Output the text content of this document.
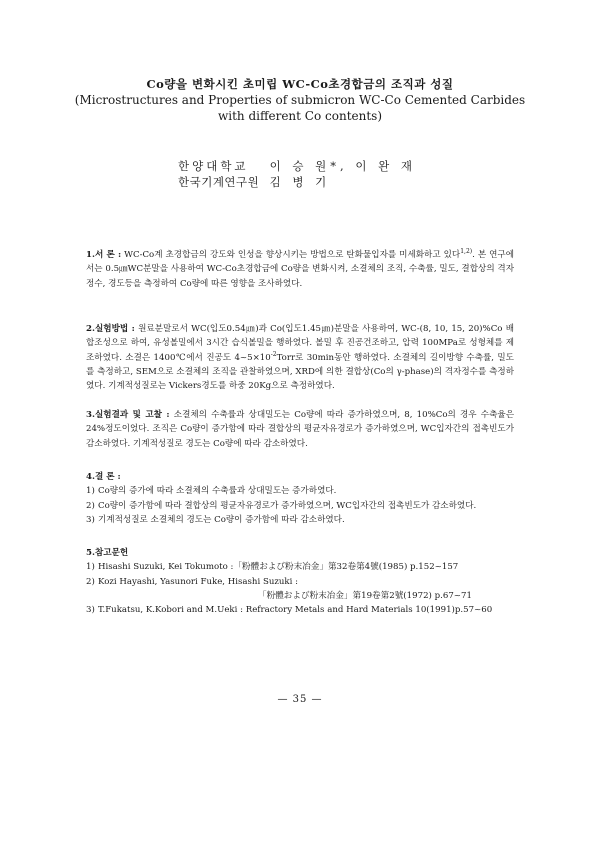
Co량을 변화시킨 초미립 WC-Co초경합금의 조직과 성질
(Microstructures and Properties of submicron WC-Co Cemented Carbides
with different Co contents)
한양대학교 이 승 원*, 이 완 재
한국기계연구원 김 병 기

1.서 론 : WC-Co계 초경합금의 강도와 인성을 향상시키는 방법으로 탄화물입자를 미세화하고 있다$^{1,2)}$. 본 연구에서는 0.5㎛WC분말을 사용하여 WC-Co초경합금에 Co량을 변화시켜, 소결체의 조직, 수축률, 밀도, 결합상의 격자정수, 경도등을 측정하여 Co량에 따른 영향을 조사하였다.

2.실험방법 : 원료분말로서 WC(입도0.54㎛)과 Co(입도1.45㎛)분말을 사용하여, WC-(8, 10, 15, 20)%Co 배합조성으로 하여, 유성볼밀에서 3시간 습식볼밀을 행하였다. 볼밀 후 진공건조하고, 압력 100MPa로 성형체를 제조하였다. 소결은 1400℃에서 진공도 $4\sim 5\times 10^{-2}Torr$로 30min동안 행하였다. 소결체의 길이방향 수축률, 밀도를 측정하고, SEM으로 소결체의 조직을 관찰하였으며, XRD에 의한 결합상(Co의 γ-phase)의 격자정수를 측정하였다. 기계적성질로는 Vickers경도를 하중 20Kg으로 측정하였다.

3.실험결과 및 고찰 : 소결체의 수축률과 상대밀도는 Co량에 따라 증가하였으며, 8, 10%Co의 경우 수축율은 24%정도이었다. 조직은 Co량이 증가함에 따라 결합상의 평균자유경로가 증가하였으며, WC입자간의 접촉빈도가 감소하였다. 기계적성질로 경도는 Co량에 따라 감소하였다.

4.결 론 :
1) Co량의 증가에 따라 소결체의 수축률과 상대밀도는 증가하였다.
2) Co량이 증가함에 따라 결합상의 평균자유경로가 증가하였으며, WC입자간의 접촉빈도가 감소하였다.
3) 기계적성질로 소결체의 경도는 Co량이 증가함에 따라 감소하였다.
5.참고문헌
1) Hisashi Suzuki, Kei Tokumoto :「粉體および粉末冶金」第32卷第4號(1985) p.152~157
2) Kozi Hayashi, Yasunori Fuke, Hisashi Suzuki :
「粉體および粉末冶金」第19卷第2號(1972) p.67~71
3) T.Fukatsu, K.Kobori and M.Ueki : Refractory Metals and Hard Materials 10(1991)p.57~60
— 35 —
